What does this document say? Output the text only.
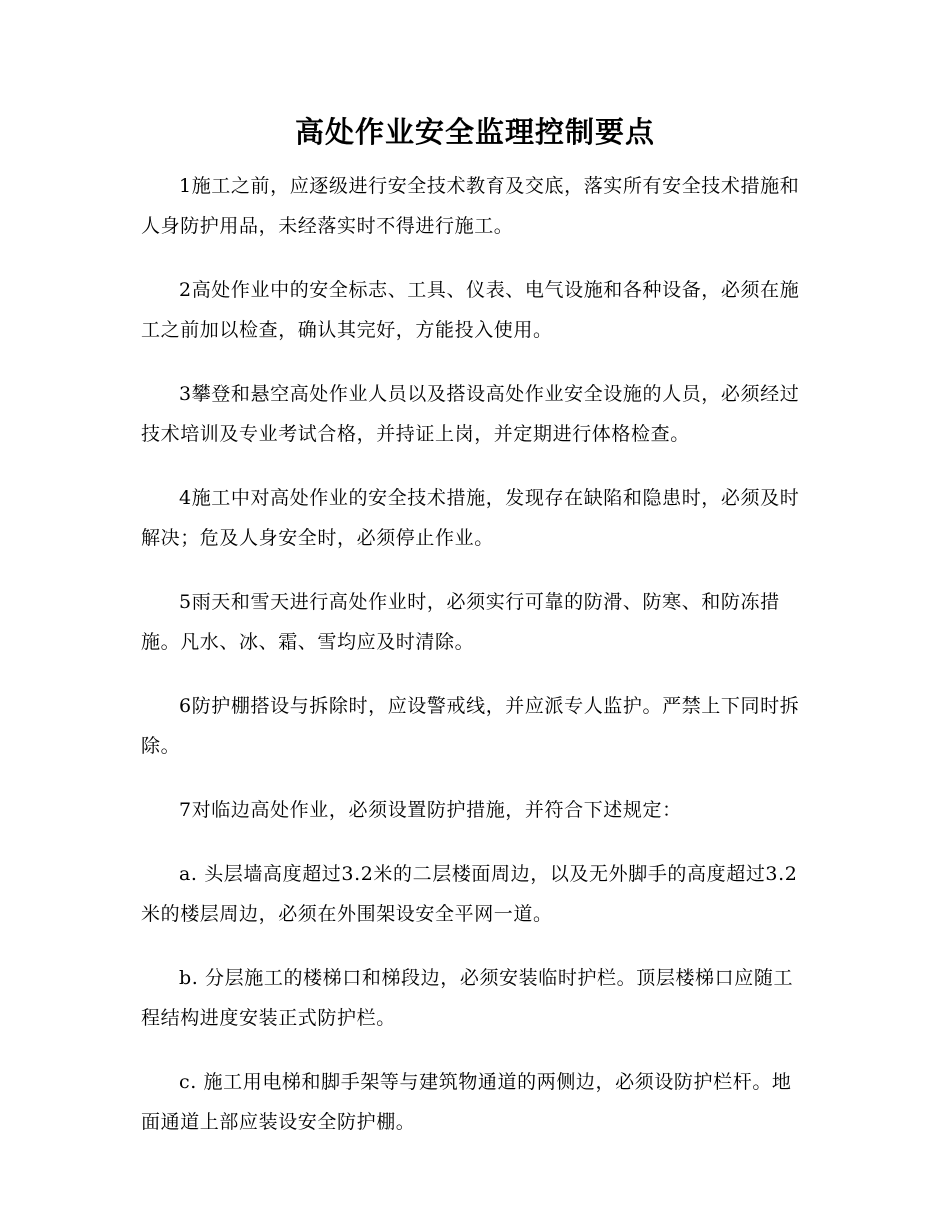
高处作业安全监理控制要点

1施工之前，应逐级进行安全技术教育及交底，落实所有安全技术措施和人身防护用品，未经落实时不得进行施工。

2高处作业中的安全标志、工具、仪表、电气设施和各种设备，必须在施工之前加以检查，确认其完好，方能投入使用。

3攀登和悬空高处作业人员以及搭设高处作业安全设施的人员，必须经过技术培训及专业考试合格，并持证上岗，并定期进行体格检查。

4施工中对高处作业的安全技术措施，发现存在缺陷和隐患时，必须及时解决；危及人身安全时，必须停止作业。

5雨天和雪天进行高处作业时，必须实行可靠的防滑、防寒、和防冻措施。凡水、冰、霜、雪均应及时清除。

6防护棚搭设与拆除时，应设警戒线，并应派专人监护。严禁上下同时拆除。

7对临边高处作业，必须设置防护措施，并符合下述规定：

a. 头层墙高度超过3.2米的二层楼面周边，以及无外脚手的高度超过3.2米的楼层周边，必须在外围架设安全平网一道。

b. 分层施工的楼梯口和梯段边，必须安装临时护栏。顶层楼梯口应随工程结构进度安装正式防护栏。

c. 施工用电梯和脚手架等与建筑物通道的两侧边，必须设防护栏杆。地面通道上部应装设安全防护棚。
